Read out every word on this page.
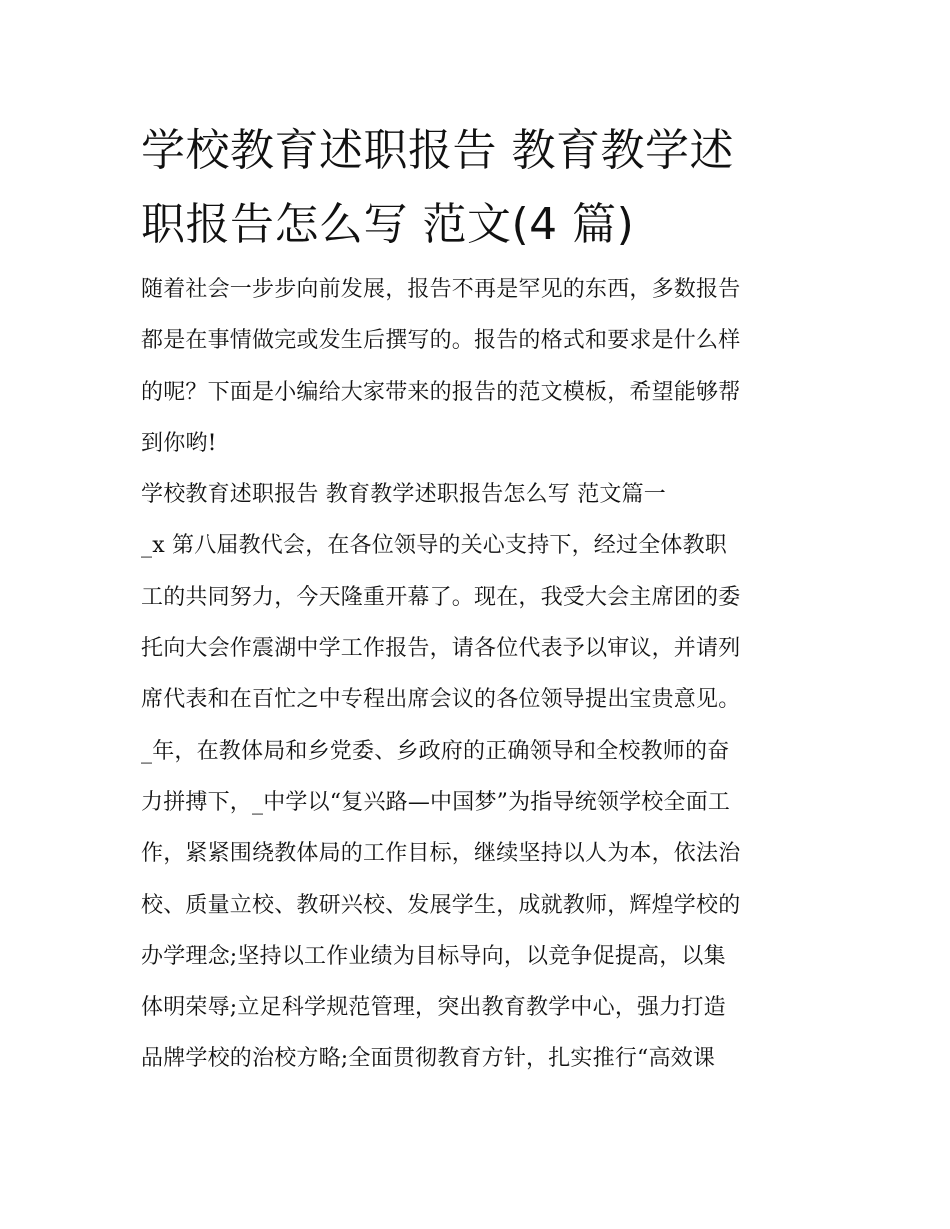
学校教育述职报告 教育教学述
职报告怎么写 范文(4 篇)
随着社会一步步向前发展，报告不再是罕见的东西，多数报告
都是在事情做完或发生后撰写的。报告的格式和要求是什么样
的呢？下面是小编给大家带来的报告的范文模板，希望能够帮
到你哟!
学校教育述职报告 教育教学述职报告怎么写 范文篇一
_x 第八届教代会，在各位领导的关心支持下，经过全体教职
工的共同努力，今天隆重开幕了。现在，我受大会主席团的委
托向大会作震湖中学工作报告，请各位代表予以审议，并请列
席代表和在百忙之中专程出席会议的各位领导提出宝贵意见。
_年，在教体局和乡党委、乡政府的正确领导和全校教师的奋
力拼搏下，_中学以“复兴路—中国梦”为指导统领学校全面工
作，紧紧围绕教体局的工作目标，继续坚持以人为本，依法治
校、质量立校、教研兴校、发展学生，成就教师，辉煌学校的
办学理念;坚持以工作业绩为目标导向，以竞争促提高，以集
体明荣辱;立足科学规范管理，突出教育教学中心，强力打造
品牌学校的治校方略;全面贯彻教育方针，扎实推行“高效课
